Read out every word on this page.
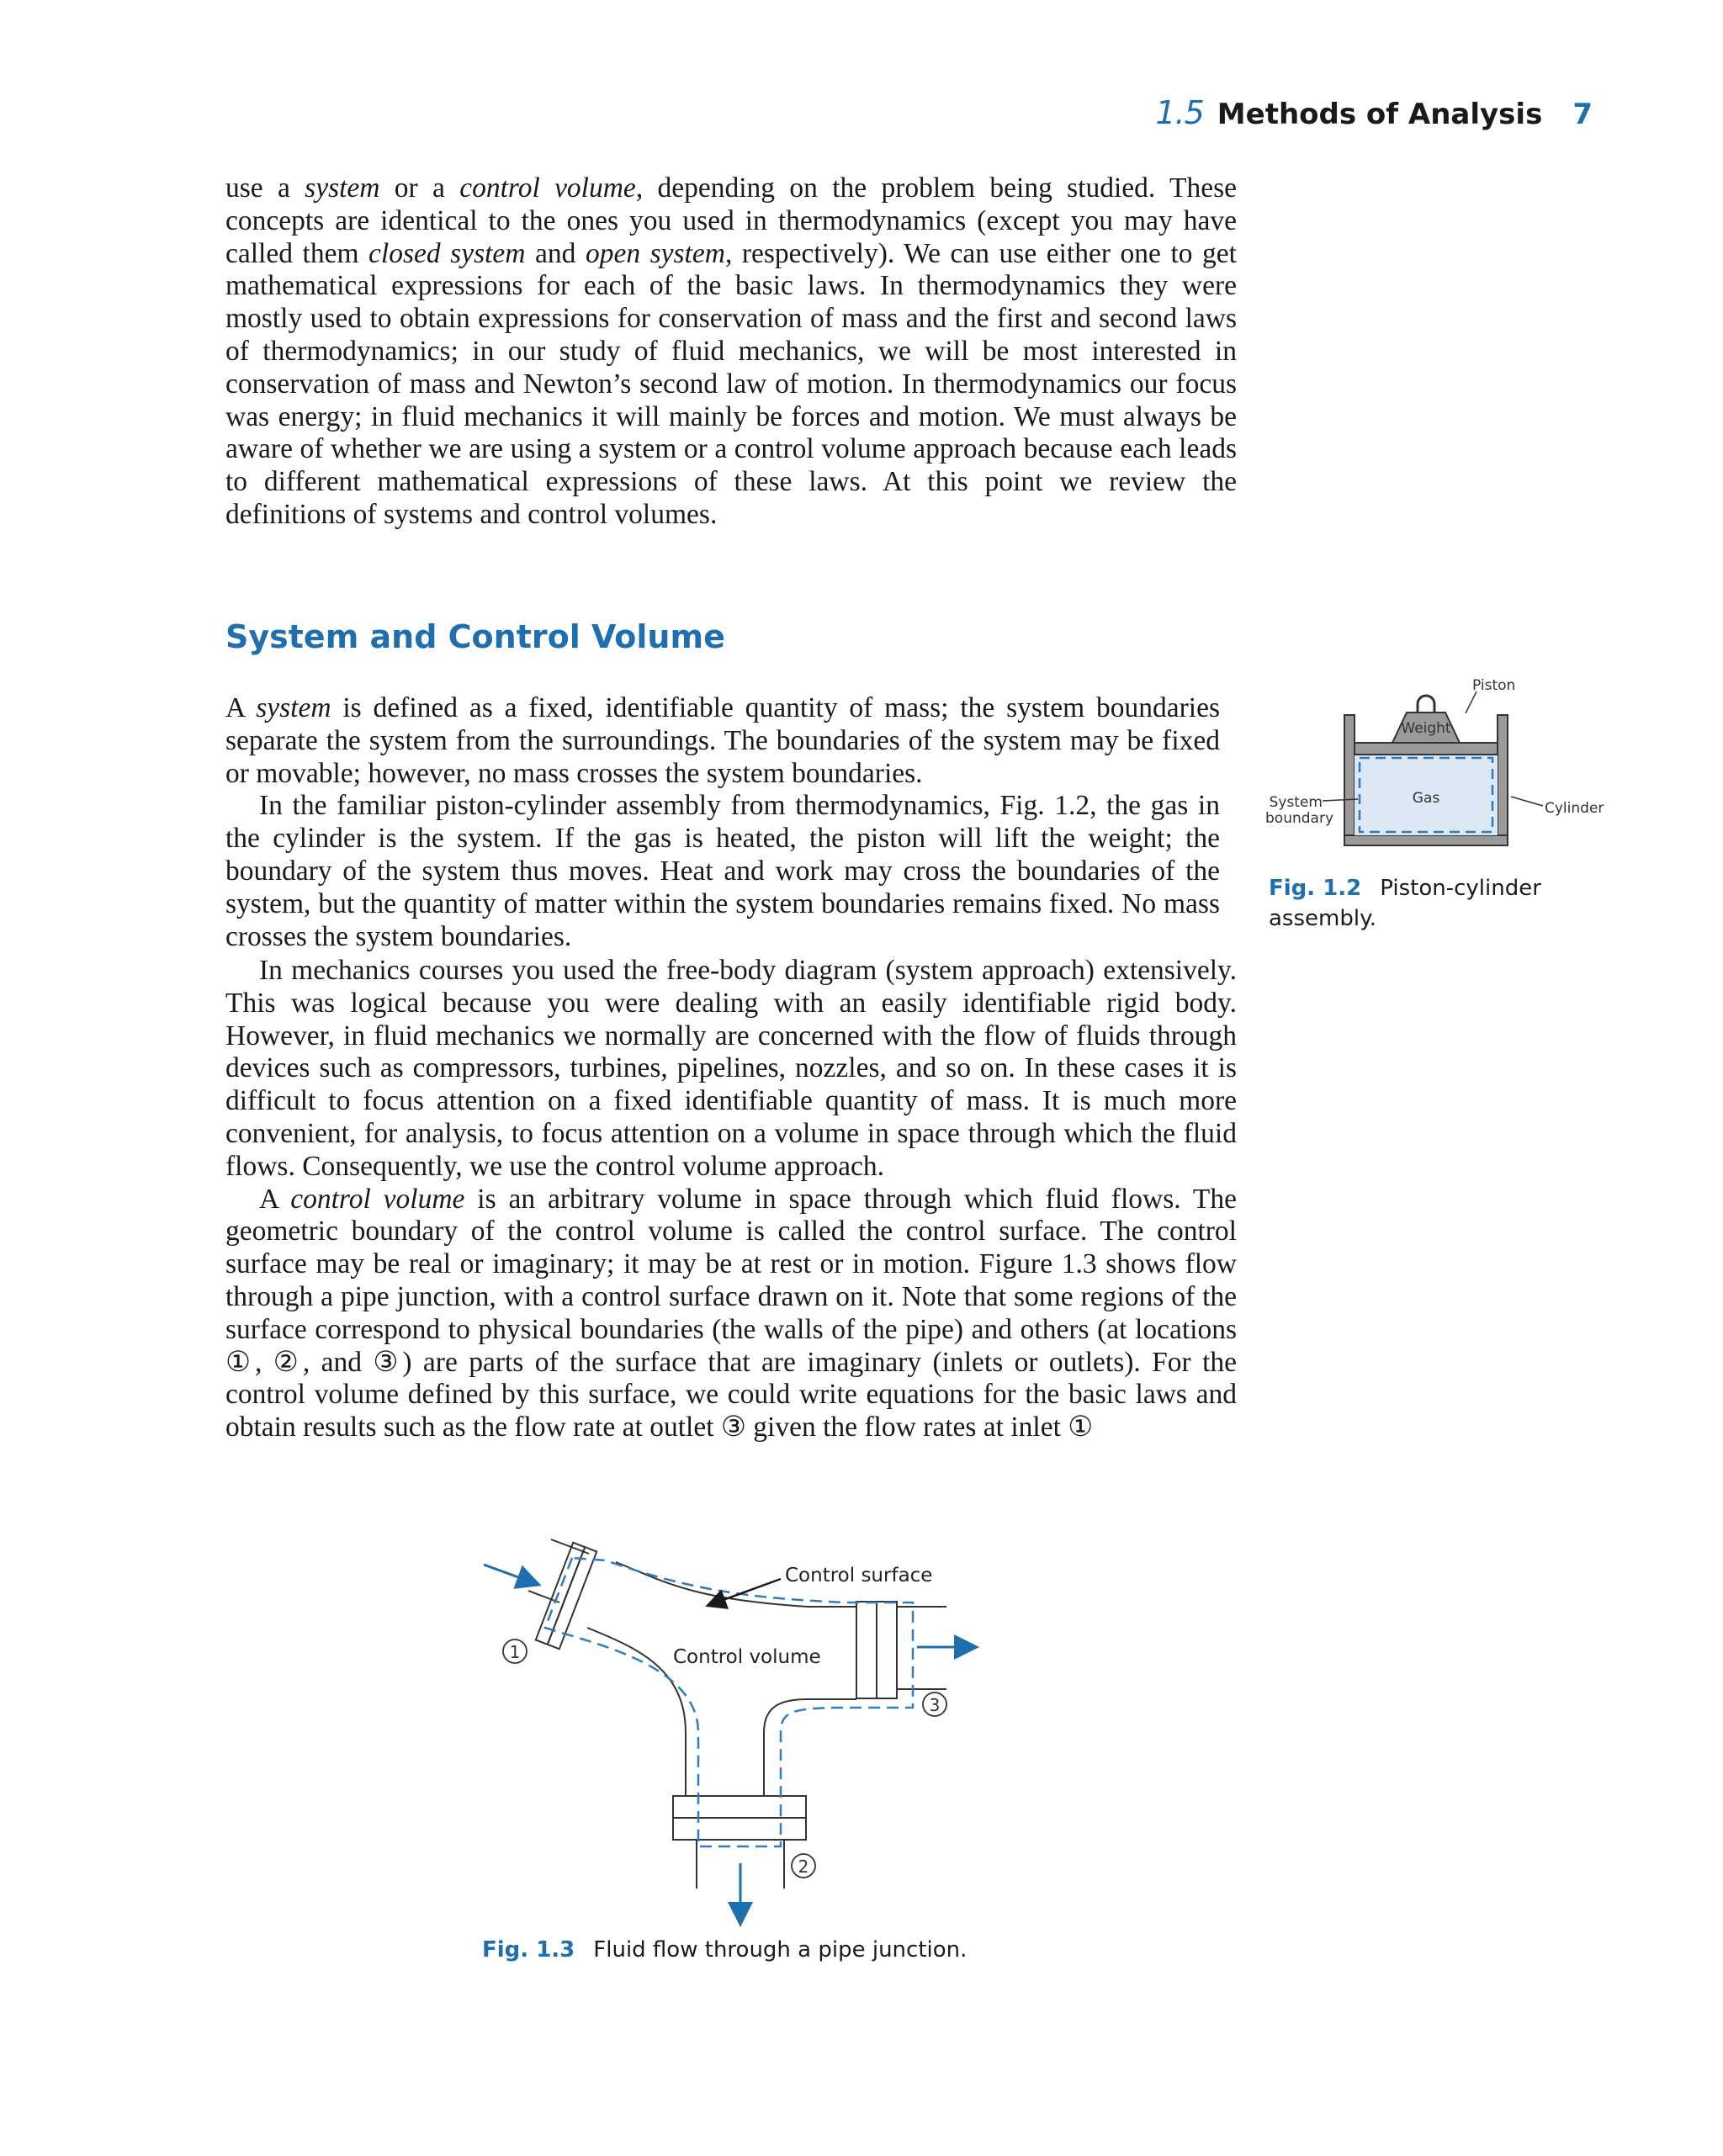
1.5 Methods of Analysis 7

use a system or a control volume, depending on the problem being studied. These concepts are identical to the ones you used in thermodynamics (except you may have called them closed system and open system, respectively). We can use either one to get mathematical expressions for each of the basic laws. In thermodynamics they were mostly used to obtain expressions for conservation of mass and the first and second laws of thermodynamics; in our study of fluid mechanics, we will be most interested in conservation of mass and Newton’s second law of motion. In thermodynamics our focus was energy; in fluid mechanics it will mainly be forces and motion. We must always be aware of whether we are using a system or a control volume approach because each leads to different mathematical expressions of these laws. At this point we review the definitions of systems and control volumes.

System and Control Volume

A system is defined as a fixed, identifiable quantity of mass; the system boundaries separate the system from the surroundings. The boundaries of the system may be fixed or movable; however, no mass crosses the system boundaries.

In the familiar piston-cylinder assembly from thermodynamics, Fig. 1.2, the gas in the cylinder is the system. If the gas is heated, the piston will lift the weight; the boundary of the system thus moves. Heat and work may cross the boundaries of the system, but the quantity of matter within the system boundaries remains fixed. No mass crosses the system boundaries.

In mechanics courses you used the free-body diagram (system approach) extensively. This was logical because you were dealing with an easily identifiable rigid body. However, in fluid mechanics we normally are concerned with the flow of fluids through devices such as compressors, turbines, pipelines, nozzles, and so on. In these cases it is difficult to focus attention on a fixed identifiable quantity of mass. It is much more convenient, for analysis, to focus attention on a volume in space through which the fluid flows. Consequently, we use the control volume approach.

A control volume is an arbitrary volume in space through which fluid flows. The geometric boundary of the control volume is called the control surface. The control surface may be real or imaginary; it may be at rest or in motion. Figure 1.3 shows flow through a pipe junction, with a control surface drawn on it. Note that some regions of the surface correspond to physical boundaries (the walls of the pipe) and others (at locations ①, ②, and ③) are parts of the surface that are imaginary (inlets or outlets). For the control volume defined by this surface, we could write equations for the basic laws and obtain results such as the flow rate at outlet ③ given the flow rates at inlet ①

Piston
Weight
Gas
System
boundary
Cylinder
Fig. 1.2 Piston-cylinder assembly.
Control surface
Control volume
1
3
2
Fig. 1.3 Fluid flow through a pipe junction.
